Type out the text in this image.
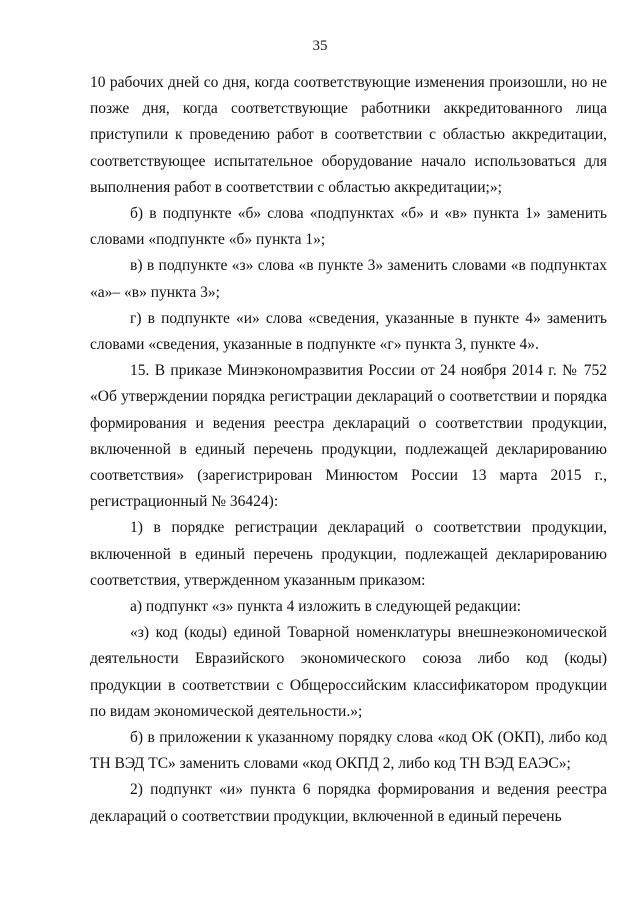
35

10 рабочих дней со дня, когда соответствующие изменения произошли, но не позже дня, когда соответствующие работники аккредитованного лица приступили к проведению работ в соответствии с областью аккредитации, соответствующее испытательное оборудование начало использоваться для выполнения работ в соответствии с областью аккредитации;»;

б) в подпункте «б» слова «подпунктах «б» и «в» пункта 1» заменить словами «подпункте «б» пункта 1»;

в) в подпункте «з» слова «в пункте 3» заменить словами «в подпунктах «а»– «в» пункта 3»;

г) в подпункте «и» слова «сведения, указанные в пункте 4» заменить словами «сведения, указанные в подпункте «г» пункта 3, пункте 4».

15. В приказе Минэкономразвития России от 24 ноября 2014 г. № 752 «Об утверждении порядка регистрации деклараций о соответствии и порядка формирования и ведения реестра деклараций о соответствии продукции, включенной в единый перечень продукции, подлежащей декларированию соответствия» (зарегистрирован Минюстом России 13 марта 2015 г., регистрационный № 36424):

1) в порядке регистрации деклараций о соответствии продукции, включенной в единый перечень продукции, подлежащей декларированию соответствия, утвержденном указанным приказом:

а) подпункт «з» пункта 4 изложить в следующей редакции:

«з) код (коды) единой Товарной номенклатуры внешнеэкономической деятельности Евразийского экономического союза либо код (коды) продукции в соответствии с Общероссийским классификатором продукции по видам экономической деятельности.»;

б) в приложении к указанному порядку слова «код ОК (ОКП), либо код ТН ВЭД ТС» заменить словами «код ОКПД 2, либо код ТН ВЭД ЕАЭС»;

2) подпункт «и» пункта 6 порядка формирования и ведения реестра деклараций о соответствии продукции, включенной в единый перечень
